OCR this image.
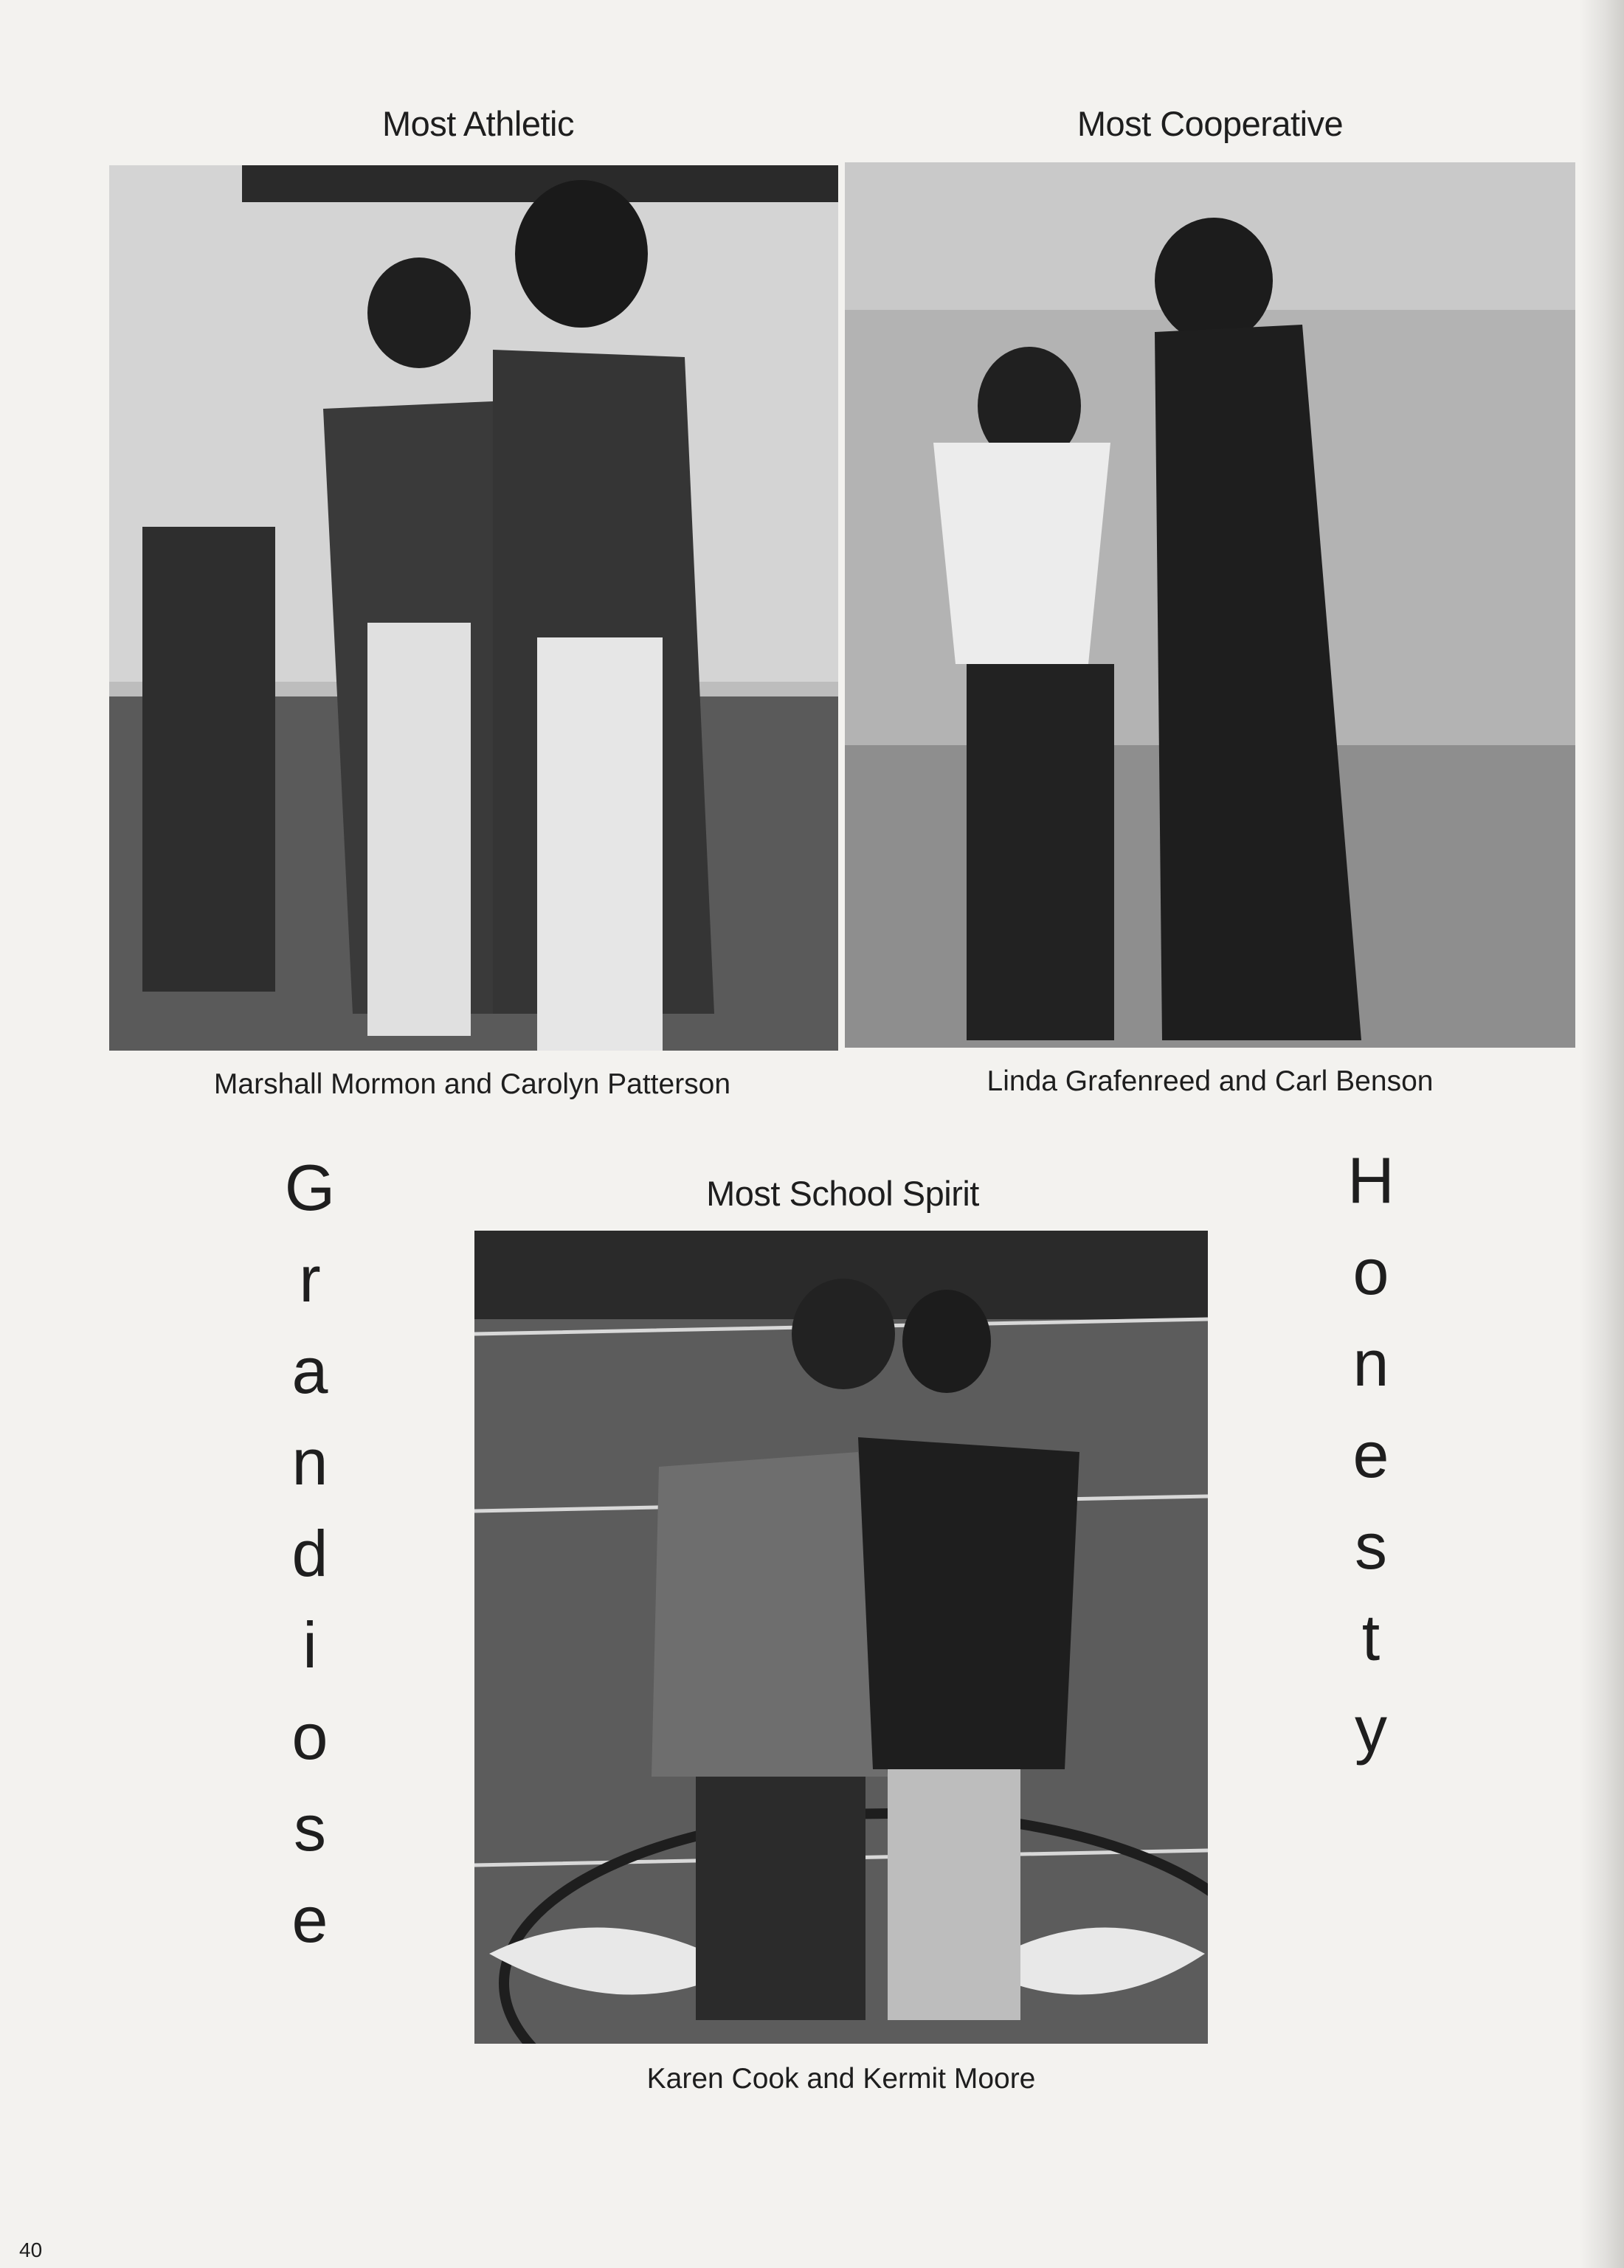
Most Athletic
Marshall Mormon and Carolyn Patterson
Most Cooperative
Linda Grafenreed and Carl Benson
G
r
a
n
d
i
o
s
e
H
o
n
e
s
t
y
Most School Spirit
Karen Cook and Kermit Moore
40
